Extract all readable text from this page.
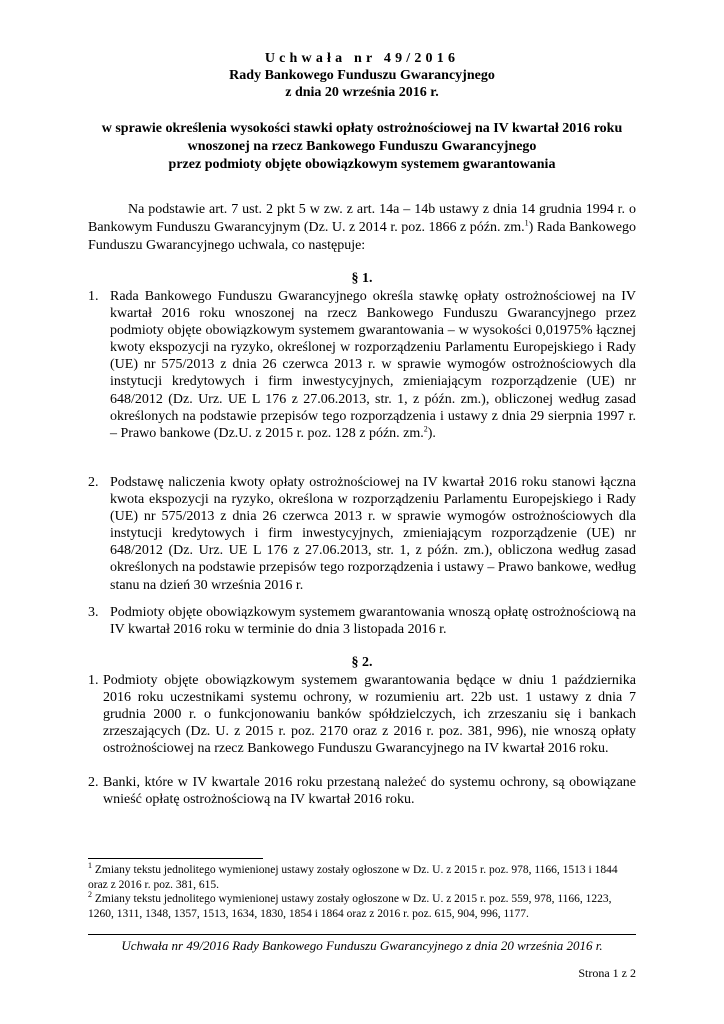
Uchwała nr 49/2016
Rady Bankowego Funduszu Gwarancyjnego
z dnia 20 września 2016 r.
w sprawie określenia wysokości stawki opłaty ostrożnościowej na IV kwartał 2016 roku
wnoszonej na rzecz Bankowego Funduszu Gwarancyjnego
przez podmioty objęte obowiązkowym systemem gwarantowania

Na podstawie art. 7 ust. 2 pkt 5 w zw. z art. 14a – 14b ustawy z dnia 14 grudnia 1994 r. o Bankowym Funduszu Gwarancyjnym (Dz. U. z 2014 r. poz. 1866 z późn. zm.$^1$) Rada Bankowego Funduszu Gwarancyjnego uchwala, co następuje:

§ 1.
1. Rada Bankowego Funduszu Gwarancyjnego określa stawkę opłaty ostrożnościowej na IV kwartał 2016 roku wnoszonej na rzecz Bankowego Funduszu Gwarancyjnego przez podmioty objęte obowiązkowym systemem gwarantowania – w wysokości 0,01975% łącznej kwoty ekspozycji na ryzyko, określonej w rozporządzeniu Parlamentu Europejskiego i Rady (UE) nr 575/2013 z dnia 26 czerwca 2013 r. w sprawie wymogów ostrożnościowych dla instytucji kredytowych i firm inwestycyjnych, zmieniającym rozporządzenie (UE) nr 648/2012 (Dz. Urz. UE L 176 z 27.06.2013, str. 1, z późn. zm.), obliczonej według zasad określonych na podstawie przepisów tego rozporządzenia i ustawy z dnia 29 sierpnia 1997 r. – Prawo bankowe (Dz.U. z 2015 r. poz. 128 z późn. zm.$^2$).
2. Podstawę naliczenia kwoty opłaty ostrożnościowej na IV kwartał 2016 roku stanowi łączna kwota ekspozycji na ryzyko, określona w rozporządzeniu Parlamentu Europejskiego i Rady (UE) nr 575/2013 z dnia 26 czerwca 2013 r. w sprawie wymogów ostrożnościowych dla instytucji kredytowych i firm inwestycyjnych, zmieniającym rozporządzenie (UE) nr 648/2012 (Dz. Urz. UE L 176 z 27.06.2013, str. 1, z późn. zm.), obliczona według zasad określonych na podstawie przepisów tego rozporządzenia i ustawy – Prawo bankowe, według stanu na dzień 30 września 2016 r.
3. Podmioty objęte obowiązkowym systemem gwarantowania wnoszą opłatę ostrożnościową na IV kwartał 2016 roku w terminie do dnia 3 listopada 2016 r.
§ 2.
1. Podmioty objęte obowiązkowym systemem gwarantowania będące w dniu 1 października 2016 roku uczestnikami systemu ochrony, w rozumieniu art. 22b ust. 1 ustawy z dnia 7 grudnia 2000 r. o funkcjonowaniu banków spółdzielczych, ich zrzeszaniu się i bankach zrzeszających (Dz. U. z 2015 r. poz. 2170 oraz z 2016 r. poz. 381, 996), nie wnoszą opłaty ostrożnościowej na rzecz Bankowego Funduszu Gwarancyjnego na IV kwartał 2016 roku.
2. Banki, które w IV kwartale 2016 roku przestaną należeć do systemu ochrony, są obowiązane wnieść opłatę ostrożnościową na IV kwartał 2016 roku.
$^1$ Zmiany tekstu jednolitego wymienionej ustawy zostały ogłoszone w Dz. U. z 2015 r. poz. 978, 1166, 1513 i 1844 oraz z 2016 r. poz. 381, 615.
$^2$ Zmiany tekstu jednolitego wymienionej ustawy zostały ogłoszone w Dz. U. z 2015 r. poz. 559, 978, 1166, 1223, 1260, 1311, 1348, 1357, 1513, 1634, 1830, 1854 i 1864 oraz z 2016 r. poz. 615, 904, 996, 1177.
Uchwała nr 49/2016 Rady Bankowego Funduszu Gwarancyjnego z dnia 20 września 2016 r.
Strona 1 z 2
